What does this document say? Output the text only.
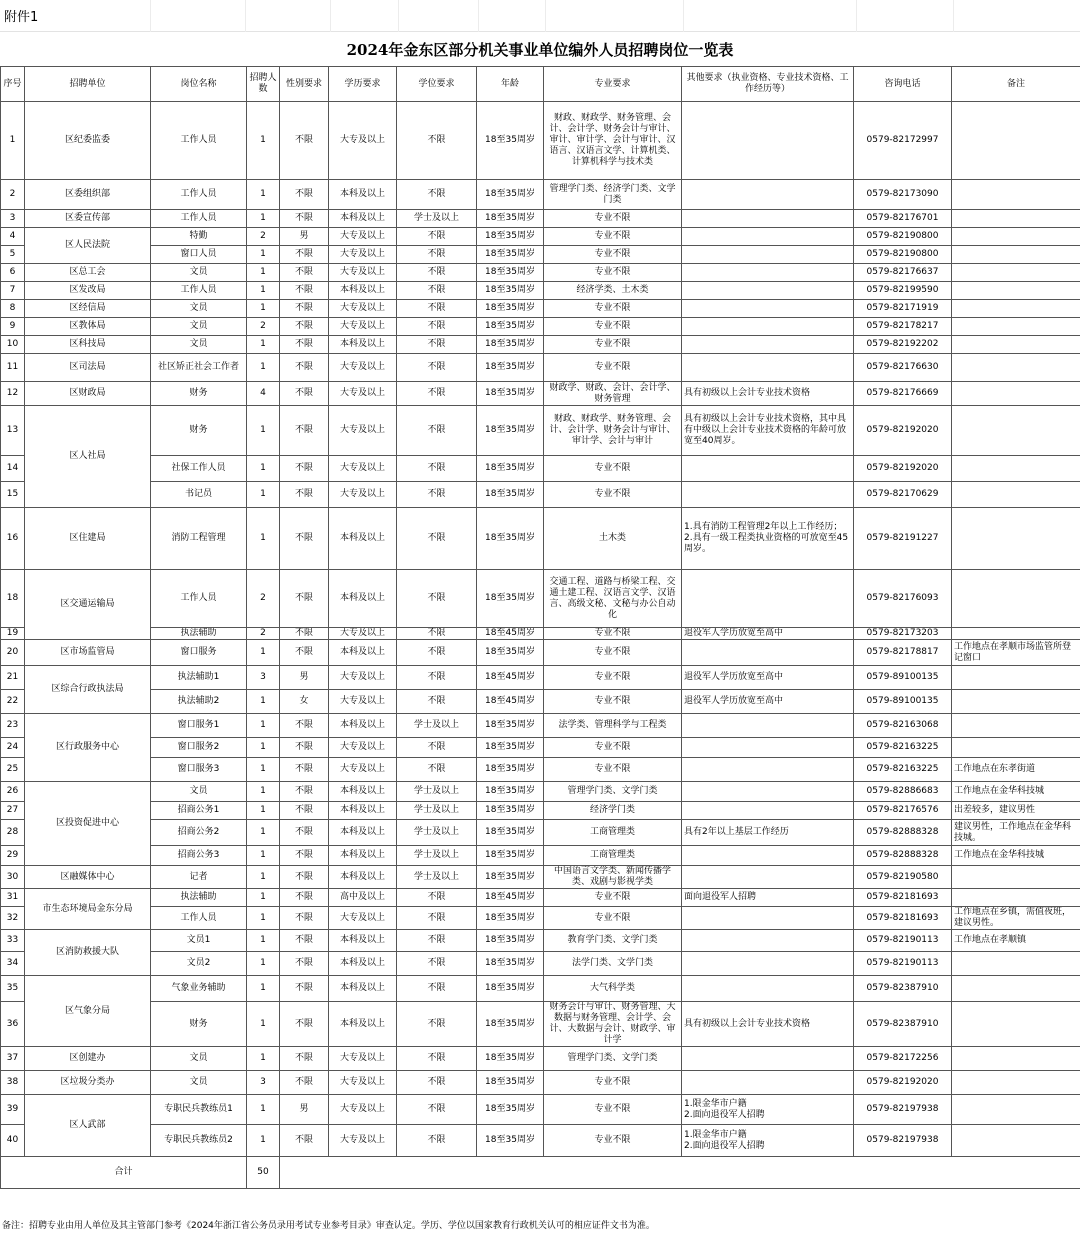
附件1
2024年金东区部分机关事业单位编外人员招聘岗位一览表
序号	招聘单位	岗位名称	招聘人数	性别要求	学历要求	学位要求	年龄	专业要求	其他要求（执业资格、专业技术资格、工作经历等）	咨询电话	备注
1	区纪委监委	工作人员	1	不限	大专及以上	不限	18至35周岁	财政、财政学、财务管理、会计、会计学、财务会计与审计、审计、审计学、会计与审计、汉语言、汉语言文学、计算机类、计算机科学与技术类		0579-82172997	
2	区委组织部	工作人员	1	不限	本科及以上	不限	18至35周岁	管理学门类、经济学门类、文学门类		0579-82173090	
3	区委宣传部	工作人员	1	不限	本科及以上	学士及以上	18至35周岁	专业不限		0579-82176701	
4	区人民法院	特勤	2	男	大专及以上	不限	18至35周岁	专业不限		0579-82190800	
5		窗口人员	1	不限	大专及以上	不限	18至35周岁	专业不限		0579-82190800	
6	区总工会	文员	1	不限	大专及以上	不限	18至35周岁	专业不限		0579-82176637	
7	区发改局	工作人员	1	不限	本科及以上	不限	18至35周岁	经济学类、土木类		0579-82199590	
8	区经信局	文员	1	不限	大专及以上	不限	18至35周岁	专业不限		0579-82171919	
9	区教体局	文员	2	不限	大专及以上	不限	18至35周岁	专业不限		0579-82178217	
10	区科技局	文员	1	不限	本科及以上	不限	18至35周岁	专业不限		0579-82192202	
11	区司法局	社区矫正社会工作者	1	不限	大专及以上	不限	18至35周岁	专业不限		0579-82176630	
12	区财政局	财务	4	不限	大专及以上	不限	18至35周岁	财政学、财政、会计、会计学、财务管理	具有初级以上会计专业技术资格	0579-82176669	
13	区人社局	财务	1	不限	大专及以上	不限	18至35周岁	财政、财政学、财务管理、会计、会计学、财务会计与审计、审计学、会计与审计	具有初级以上会计专业技术资格，其中具有中级以上会计专业技术资格的年龄可放宽至40周岁。	0579-82192020	
14		社保工作人员	1	不限	大专及以上	不限	18至35周岁	专业不限		0579-82192020	
15		书记员	1	不限	大专及以上	不限	18至35周岁	专业不限		0579-82170629	
16	区住建局	消防工程管理	1	不限	本科及以上	不限	18至35周岁	土木类	1.具有消防工程管理2年以上工作经历；
2.具有一级工程类执业资格的可放宽至45周岁。	0579-82191227	
18	区交通运输局	工作人员	2	不限	本科及以上	不限	18至35周岁	交通工程、道路与桥梁工程、交通土建工程、汉语言文学、汉语言、高级文秘、文秘与办公自动化		0579-82176093	
19		执法辅助	2	不限	大专及以上	不限	18至45周岁	专业不限	退役军人学历放宽至高中	0579-82173203	
20	区市场监管局	窗口服务	1	不限	本科及以上	不限	18至35周岁	专业不限		0579-82178817	工作地点在孝顺市场监管所登记窗口
21	区综合行政执法局	执法辅助1	3	男	大专及以上	不限	18至45周岁	专业不限	退役军人学历放宽至高中	0579-89100135	
22		执法辅助2	1	女	大专及以上	不限	18至45周岁	专业不限	退役军人学历放宽至高中	0579-89100135	
23	区行政服务中心	窗口服务1	1	不限	本科及以上	学士及以上	18至35周岁	法学类、管理科学与工程类		0579-82163068	
24		窗口服务2	1	不限	大专及以上	不限	18至35周岁	专业不限		0579-82163225	
25		窗口服务3	1	不限	大专及以上	不限	18至35周岁	专业不限		0579-82163225	工作地点在东孝街道
26	区投资促进中心	文员	1	不限	本科及以上	学士及以上	18至35周岁	管理学门类、文学门类		0579-82886683	工作地点在金华科技城
27		招商公务1	1	不限	本科及以上	学士及以上	18至35周岁	经济学门类		0579-82176576	出差较多，建议男性
28		招商公务2	1	不限	本科及以上	学士及以上	18至35周岁	工商管理类	具有2年以上基层工作经历	0579-82888328	建议男性，工作地点在金华科技城。
29		招商公务3	1	不限	本科及以上	学士及以上	18至35周岁	工商管理类		0579-82888328	工作地点在金华科技城
30	区融媒体中心	记者	1	不限	本科及以上	学士及以上	18至35周岁	中国语言文学类、新闻传播学类、戏剧与影视学类		0579-82190580	
31	市生态环境局金东分局	执法辅助	1	不限	高中及以上	不限	18至45周岁	专业不限	面向退役军人招聘	0579-82181693	
32		工作人员	1	不限	大专及以上	不限	18至35周岁	专业不限		0579-82181693	工作地点在乡镇，需值夜班，建议男性。
33	区消防救援大队	文员1	1	不限	本科及以上	不限	18至35周岁	教育学门类、文学门类		0579-82190113	工作地点在孝顺镇
34		文员2	1	不限	本科及以上	不限	18至35周岁	法学门类、文学门类		0579-82190113	
35	区气象分局	气象业务辅助	1	不限	本科及以上	不限	18至35周岁	大气科学类		0579-82387910	
36		财务	1	不限	本科及以上	不限	18至35周岁	财务会计与审计、财务管理、大数据与财务管理、会计学、会计、大数据与会计、财政学、审计学	具有初级以上会计专业技术资格	0579-82387910	
37	区创建办	文员	1	不限	大专及以上	不限	18至35周岁	管理学门类、文学门类		0579-82172256	
38	区垃圾分类办	文员	3	不限	大专及以上	不限	18至35周岁	专业不限		0579-82192020	
39	区人武部	专职民兵教练员1	1	男	大专及以上	不限	18至35周岁	专业不限	1.限金华市户籍
2.面向退役军人招聘	0579-82197938	
40		专职民兵教练员2	1	不限	大专及以上	不限	18至35周岁	专业不限	1.限金华市户籍
2.面向退役军人招聘	0579-82197938	
合计			50								
备注：招聘专业由用人单位及其主管部门参考《2024年浙江省公务员录用考试专业参考目录》审查认定。学历、学位以国家教育行政机关认可的相应证件文书为准。
